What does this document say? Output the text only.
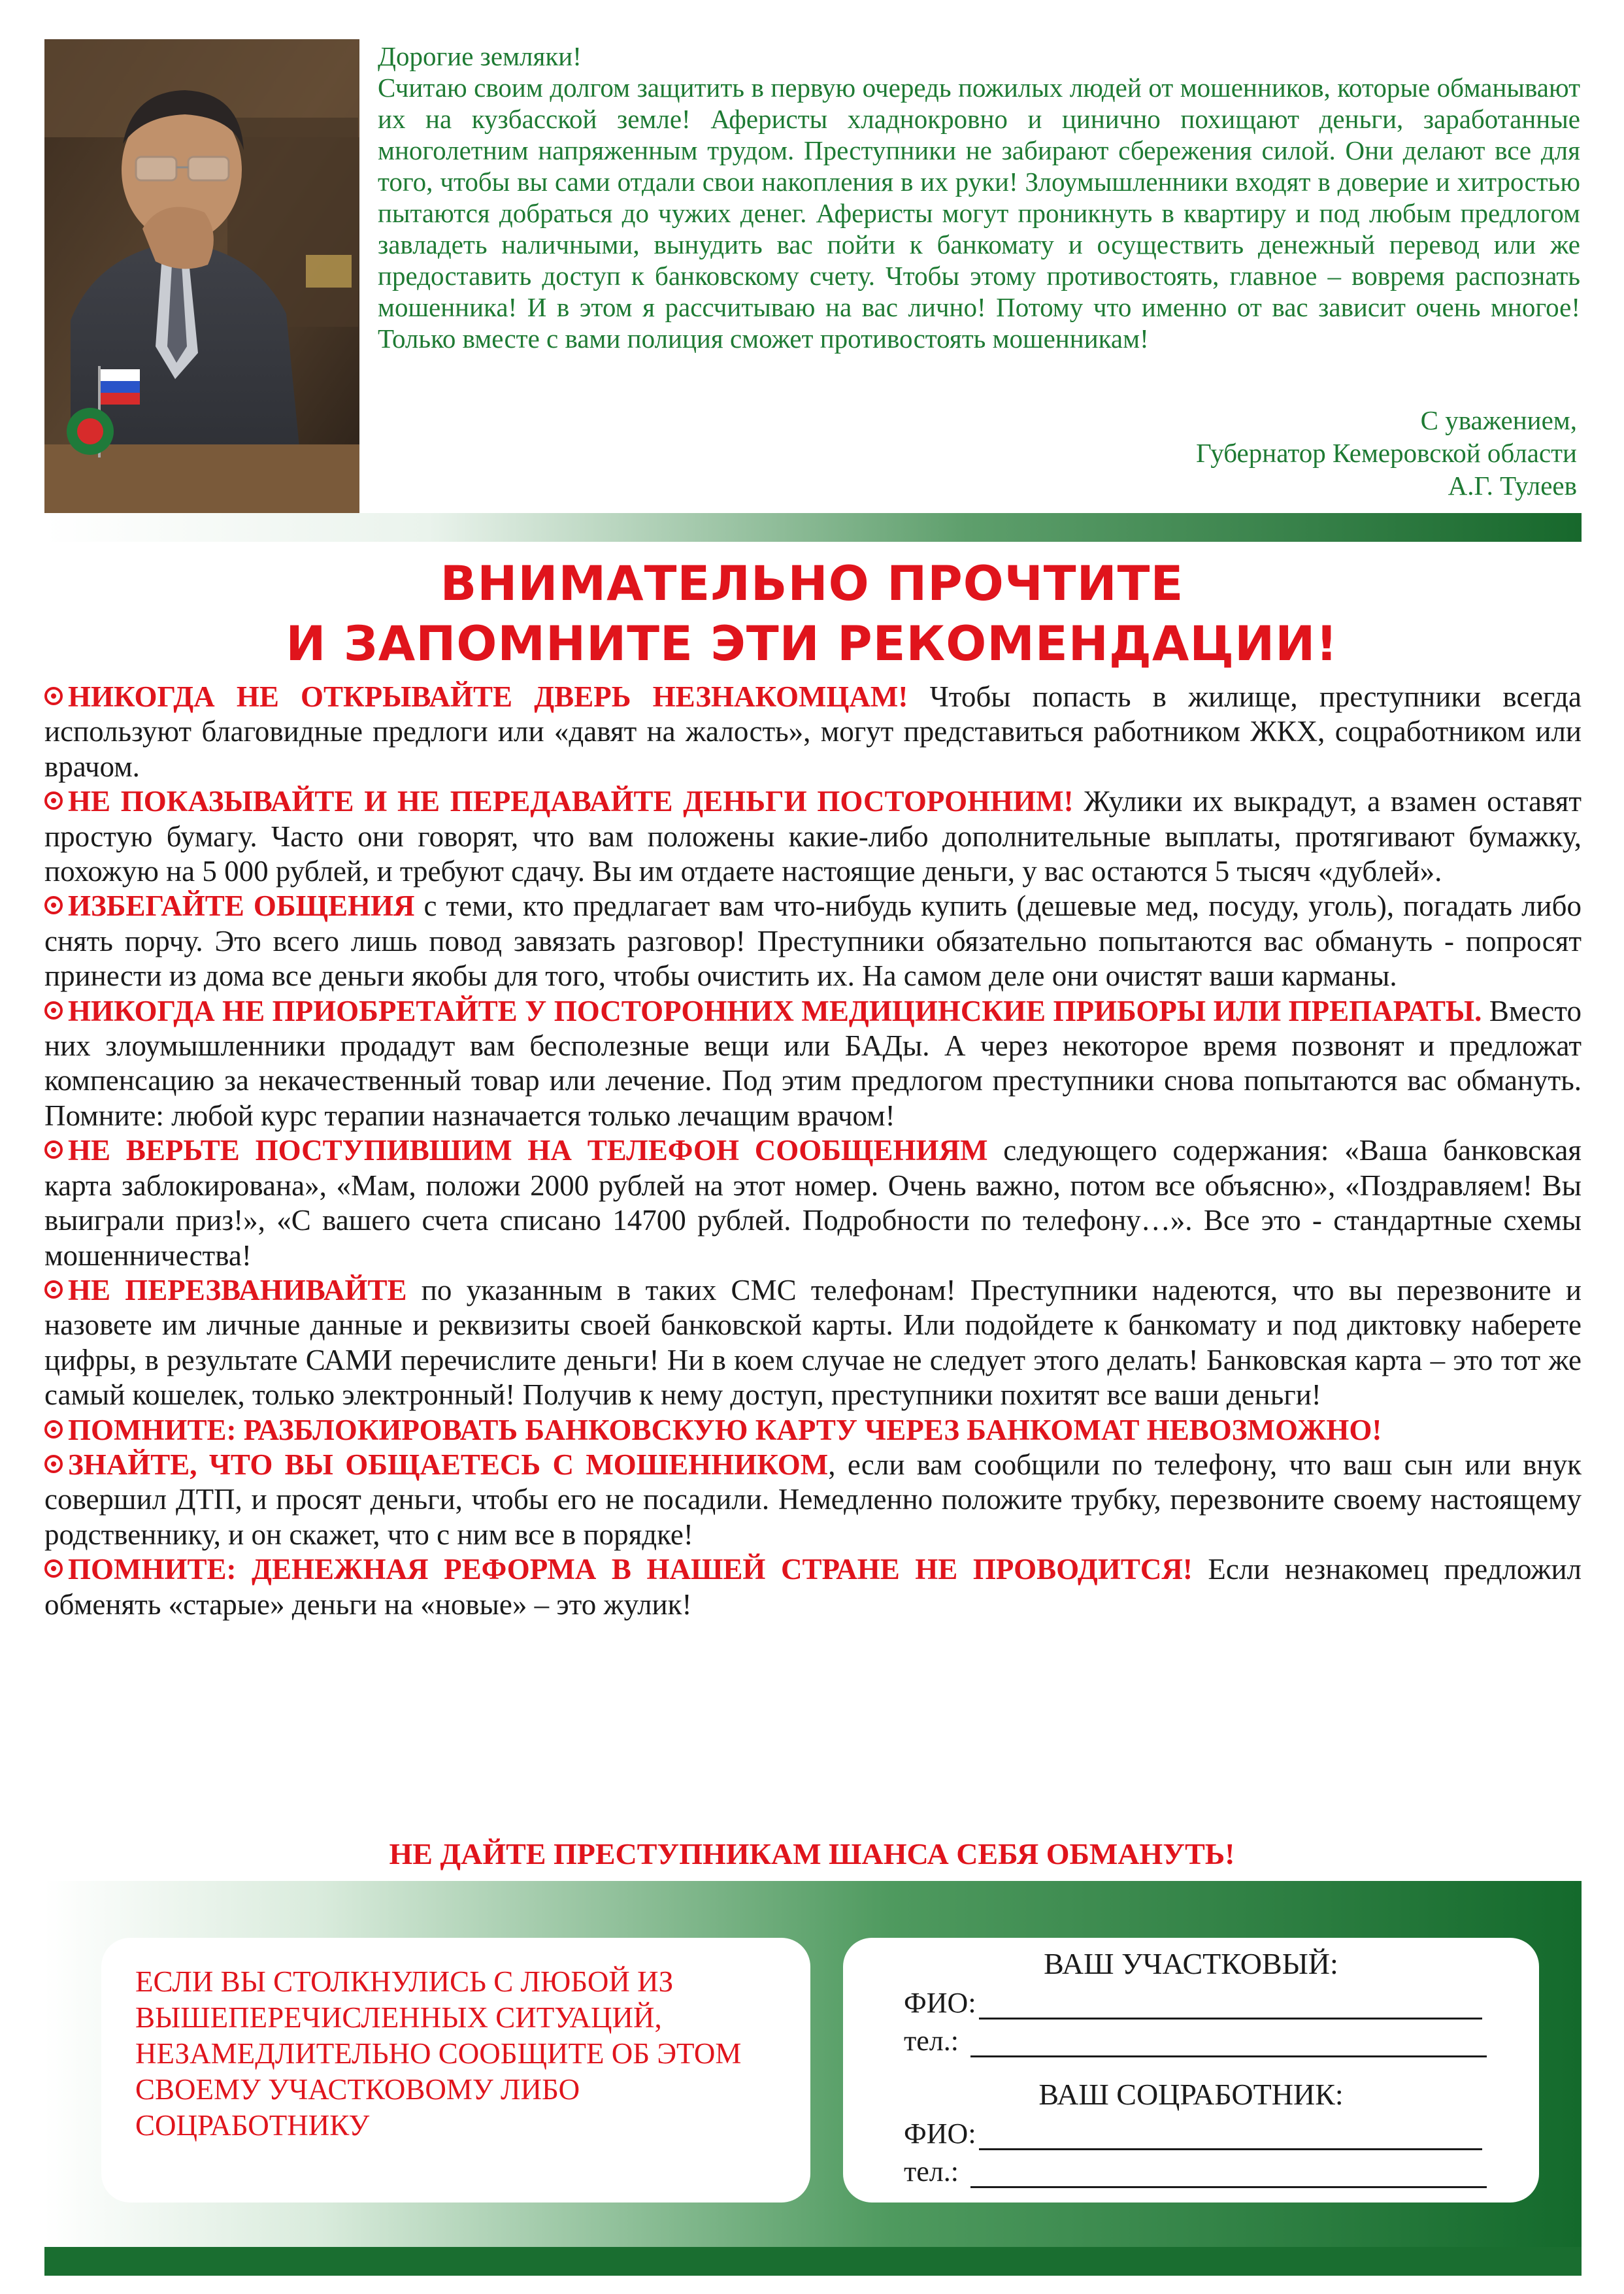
Дорогие земляки!

Считаю своим долгом защитить в первую очередь пожилых людей от мошенников, которые обманывают их на кузбасской земле! Аферисты хладнокровно и цинично похищают деньги, заработанные многолетним напряженным трудом. Преступники не забирают сбережения силой. Они делают все для того, чтобы вы сами отдали свои накопления в их руки! Злоумышленники входят в доверие и хитростью пытаются добраться до чужих денег. Аферисты могут проникнуть в квартиру и под любым предлогом завладеть наличными, вынудить вас пойти к банкомату и осуществить денежный перевод или же предоставить доступ к банковскому счету. Чтобы этому противостоять, главное – вовремя распознать мошенника! И в этом я рассчитываю на вас лично! Потому что именно от вас зависит очень многое! Только вместе с вами полиция сможет противостоять мошенникам!

С уважением,
Губернатор Кемеровской области
А.Г. Тулеев
ВНИМАТЕЛЬНО ПРОЧТИТЕ
И ЗАПОМНИТЕ ЭТИ РЕКОМЕНДАЦИИ!

НИКОГДА НЕ ОТКРЫВАЙТЕ ДВЕРЬ НЕЗНАКОМЦАМ! Чтобы попасть в жилище, преступники всегда используют благовидные предлоги или «давят на жалость», могут представиться работником ЖКХ, соцработником или врачом.

НЕ ПОКАЗЫВАЙТЕ И НЕ ПЕРЕДАВАЙТЕ ДЕНЬГИ ПОСТОРОННИМ! Жулики их выкрадут, а взамен оставят простую бумагу. Часто они говорят, что вам положены какие-либо дополнительные выплаты, протягивают бумажку, похожую на 5 000 рублей, и требуют сдачу. Вы им отдаете настоящие деньги, у вас остаются 5 тысяч «дублей».

ИЗБЕГАЙТЕ ОБЩЕНИЯ с теми, кто предлагает вам что-нибудь купить (дешевые мед, посуду, уголь), погадать либо снять порчу. Это всего лишь повод завязать разговор! Преступники обязательно попытаются вас обмануть - попросят принести из дома все деньги якобы для того, чтобы очистить их. На самом деле они очистят ваши карманы.

НИКОГДА НЕ ПРИОБРЕТАЙТЕ У ПОСТОРОННИХ МЕДИЦИНСКИЕ ПРИБОРЫ ИЛИ ПРЕПАРАТЫ. Вместо них злоумышленники продадут вам бесполезные вещи или БАДы. А через некоторое время позвонят и предложат компенсацию за некачественный товар или лечение. Под этим предлогом преступники снова попытаются вас обмануть. Помните: любой курс терапии назначается только лечащим врачом!

НЕ ВЕРЬТЕ ПОСТУПИВШИМ НА ТЕЛЕФОН СООБЩЕНИЯМ следующего содержания: «Ваша банковская карта заблокирована», «Мам, положи 2000 рублей на этот номер. Очень важно, потом все объясню», «Поздравляем! Вы выиграли приз!», «С вашего счета списано 14700 рублей. Подробности по телефону…». Все это - стандартные схемы мошенничества!

НЕ ПЕРЕЗВАНИВАЙТЕ по указанным в таких СМС телефонам! Преступники надеются, что вы перезвоните и назовете им личные данные и реквизиты своей банковской карты. Или подойдете к банкомату и под диктовку наберете цифры, в результате САМИ перечислите деньги! Ни в коем случае не следует этого делать! Банковская карта – это тот же самый кошелек, только электронный! Получив к нему доступ, преступники похитят все ваши деньги!

ПОМНИТЕ: РАЗБЛОКИРОВАТЬ БАНКОВСКУЮ КАРТУ ЧЕРЕЗ БАНКОМАТ НЕВОЗМОЖНО!

ЗНАЙТЕ, ЧТО ВЫ ОБЩАЕТЕСЬ С МОШЕННИКОМ, если вам сообщили по телефону, что ваш сын или внук совершил ДТП, и просят деньги, чтобы его не посадили. Немедленно положите трубку, перезвоните своему настоящему родственнику, и он скажет, что с ним все в порядке!

ПОМНИТЕ: ДЕНЕЖНАЯ РЕФОРМА В НАШЕЙ СТРАНЕ НЕ ПРОВОДИТСЯ! Если незнакомец предложил обменять «старые» деньги на «новые» – это жулик!

НЕ ДАЙТЕ ПРЕСТУПНИКАМ ШАНСА СЕБЯ ОБМАНУТЬ!
ЕСЛИ ВЫ СТОЛКНУЛИСЬ С ЛЮБОЙ ИЗ ВЫШЕПЕРЕЧИСЛЕННЫХ СИТУАЦИЙ, НЕЗАМЕДЛИТЕЛЬНО СООБЩИТЕ ОБ ЭТОМ СВОЕМУ УЧАСТКОВОМУ ЛИБО СОЦРАБОТНИКУ
ВАШ УЧАСТКОВЫЙ:
ФИО:
тел.:
ВАШ СОЦРАБОТНИК:
ФИО:
тел.:
